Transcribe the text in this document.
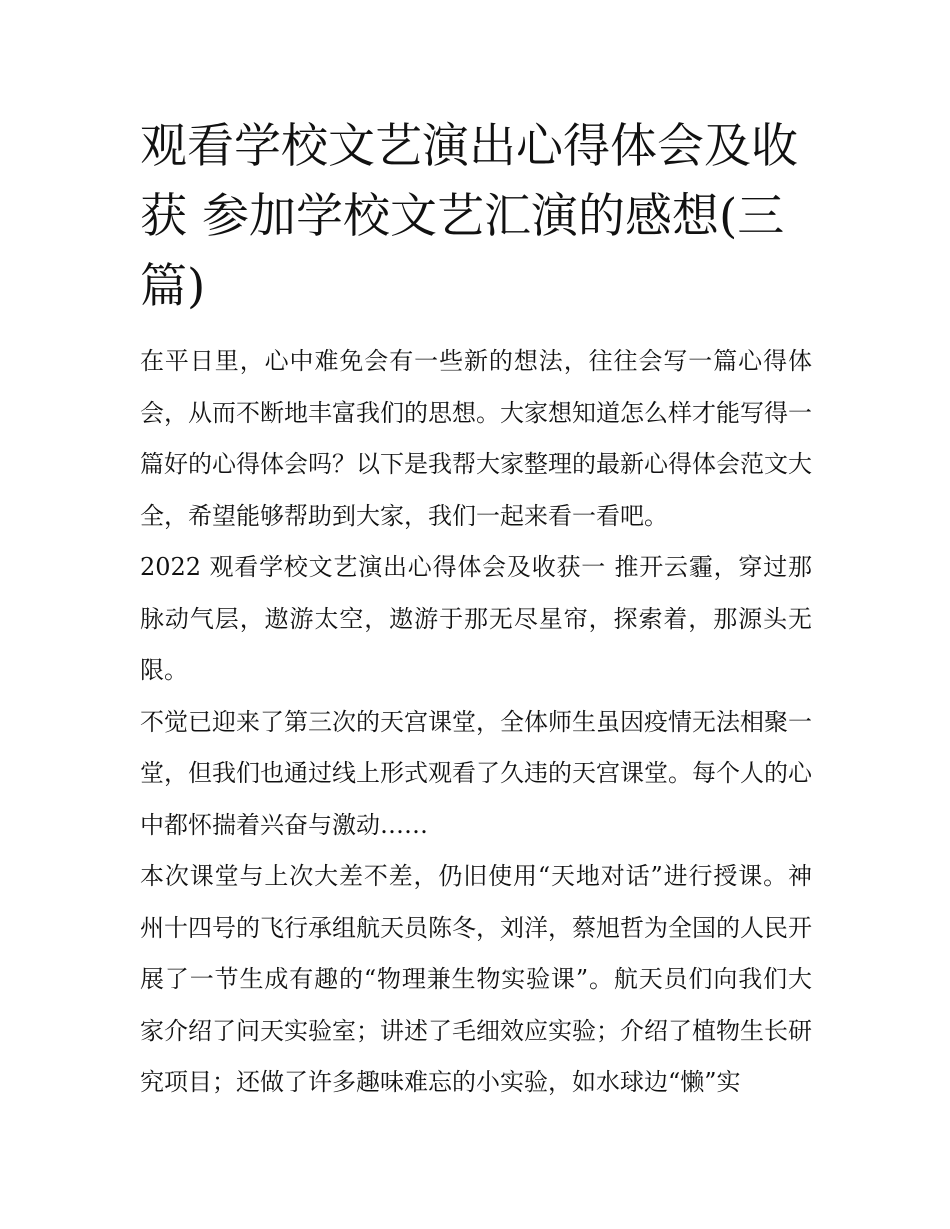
观看学校文艺演出心得体会及收获 参加学校文艺汇演的感想(三篇)

在平日里，心中难免会有一些新的想法，往往会写一篇心得体会，从而不断地丰富我们的思想。大家想知道怎么样才能写得一篇好的心得体会吗？以下是我帮大家整理的最新心得体会范文大全，希望能够帮助到大家，我们一起来看一看吧。

2022 观看学校文艺演出心得体会及收获一 推开云霾，穿过那脉动气层，遨游太空，遨游于那无尽星帘，探索着，那源头无限。

不觉已迎来了第三次的天宫课堂，全体师生虽因疫情无法相聚一堂，但我们也通过线上形式观看了久违的天宫课堂。每个人的心中都怀揣着兴奋与激动……

本次课堂与上次大差不差，仍旧使用“天地对话”进行授课。神州十四号的飞行承组航天员陈冬，刘洋，蔡旭哲为全国的人民开展了一节生成有趣的“物理兼生物实验课”。航天员们向我们大家介绍了问天实验室；讲述了毛细效应实验；介绍了植物生长研究项目；还做了许多趣味难忘的小实验，如水球边“懒”实
